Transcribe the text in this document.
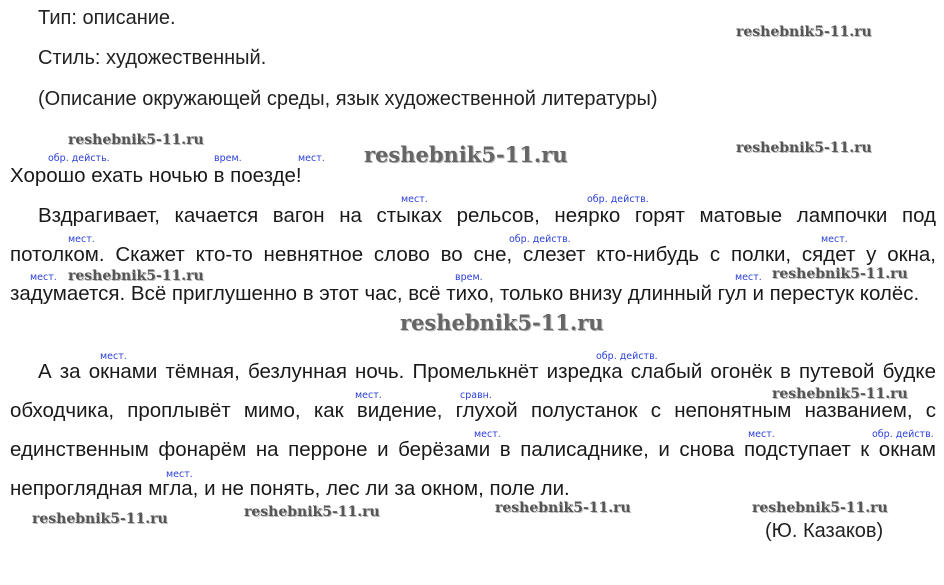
Тип: описание.
Стиль: художественный.
(Описание окружающей среды, язык художественной литературы)
Хорошо ехать ночью в поезде!
Вздрагивает, качается вагон на стыках рельсов, неярко горят матовые лампочки под потолком. Скажет кто-то невнятное слово во сне, слезет кто-нибудь с полки, сядет у окна, задумается. Всё приглушенно в этот час, всё тихо, только внизу длинный гул и перестук колёс.
А за окнами тёмная, безлунная ночь. Промелькнёт изредка слабый огонёк в путевой будке обходчика, проплывёт мимо, как видение, глухой полустанок с непонятным названием, с единственным фонарём на перроне и берёзами в палисаднике, и снова подступает к окнам непроглядная мгла, и не понять, лес ли за окном, поле ли.
(Ю. Казаков)
обр. дейсть.	врем.	мест.
мест.	обр. действ.
мест.	обр. действ.	мест.
мест.	врем.	мест.
мест.	обр. действ.
мест.	сравн.
мест.	мест.	обр. действ.
мест.
reshebnik5-11.ru
reshebnik5-11.ru
reshebnik5-11.ru	reshebnik5-11.ru
reshebnik5-11.ru	reshebnik5-11.ru
reshebnik5-11.ru
reshebnik5-11.ru
reshebnik5-11.ru
reshebnik5-11.ru
reshebnik5-11.ru
reshebnik5-11.ru
